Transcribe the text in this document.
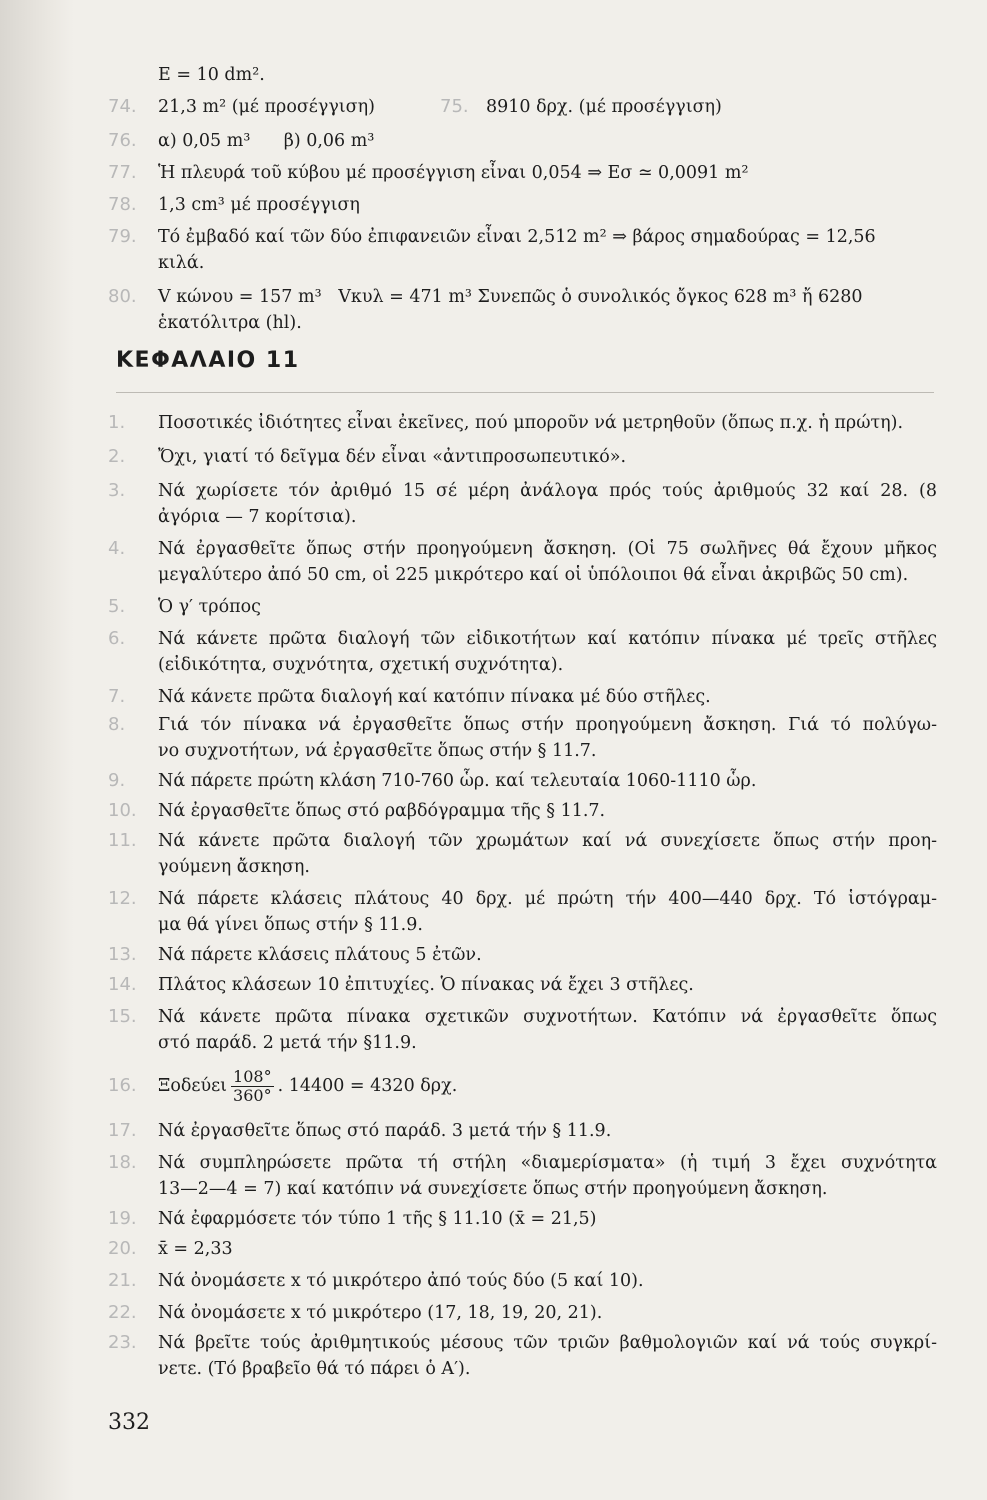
E = 10 dm².
74.	21,3 m² (μέ προσέγγιση)	75. 8910 δρχ. (μέ προσέγγιση)
76.	α) 0,05 m³      β) 0,06 m³
77.	Ἡ πλευρά τοῦ κύβου μέ προσέγγιση εἶναι 0,054 ⇒ Eσ ≃ 0,0091 m²
78.	1,3 cm³ μέ προσέγγιση
79.	Τό ἐμβαδό καί τῶν δύο ἐπιφανειῶν εἶναι 2,512 m² ⇒ βάρος σημαδούρας = 12,56
κιλά.
80.	V κώνου = 157 m³   Vκυλ = 471 m³ Συνεπῶς ὁ συνολικός ὄγκος 628 m³ ἤ 6280
ἑκατόλιτρα (hl).
ΚΕΦΑΛΑΙΟ 11
1.	Ποσοτικές ἰδιότητες εἶναι ἐκεῖνες, πού μποροῦν νά μετρηθοῦν (ὅπως π.χ. ἡ πρώτη).
2.	Ὄχι, γιατί τό δεῖγμα δέν εἶναι «ἀντιπροσωπευτικό».
3.	Νά χωρίσετε τόν ἀριθμό 15 σέ μέρη ἀνάλογα πρός τούς ἀριθμούς 32 καί 28. (8
ἀγόρια — 7 κορίτσια).
4.	Νά ἐργασθεῖτε ὅπως στήν προηγούμενη ἄσκηση. (Οἱ 75 σωλῆνες θά ἔχουν μῆκος
μεγαλύτερο ἀπό 50 cm, οἱ 225 μικρότερο καί οἱ ὑπόλοιποι θά εἶναι ἀκριβῶς 50 cm).
5.	Ὁ γ′ τρόπος
6.	Νά κάνετε πρῶτα διαλογή τῶν εἰδικοτήτων καί κατόπιν πίνακα μέ τρεῖς στῆλες
(εἰδικότητα, συχνότητα, σχετική συχνότητα).
7.	Νά κάνετε πρῶτα διαλογή καί κατόπιν πίνακα μέ δύο στῆλες.
8.	Γιά τόν πίνακα νά ἐργασθεῖτε ὅπως στήν προηγούμενη ἄσκηση. Γιά τό πολύγω-
νο συχνοτήτων, νά ἐργασθεῖτε ὅπως στήν § 11.7.
9.	Νά πάρετε πρώτη κλάση 710-760 ὧρ. καί τελευταία 1060-1110 ὧρ.
10.	Νά ἐργασθεῖτε ὅπως στό ραβδόγραμμα τῆς § 11.7.
11.	Νά κάνετε πρῶτα διαλογή τῶν χρωμάτων καί νά συνεχίσετε ὅπως στήν προη-
γούμενη ἄσκηση.
12.	Νά πάρετε κλάσεις πλάτους 40 δρχ. μέ πρώτη τήν 400—440 δρχ. Τό ἱστόγραμ-
μα θά γίνει ὅπως στήν § 11.9.
13.	Νά πάρετε κλάσεις πλάτους 5 ἐτῶν.
14.	Πλάτος κλάσεων 10 ἐπιτυχίες. Ὁ πίνακας νά ἔχει 3 στῆλες.
15.	Νά κάνετε πρῶτα πίνακα σχετικῶν συχνοτήτων. Κατόπιν νά ἐργασθεῖτε ὅπως
στό παράδ. 2 μετά τήν §11.9.
16.	Ξοδεύει $\frac{108^\circ}{360^\circ}$ . 14400 = 4320 δρχ.
17.	Νά ἐργασθεῖτε ὅπως στό παράδ. 3 μετά τήν § 11.9.
18.	Νά συμπληρώσετε πρῶτα τή στήλη «διαμερίσματα» (ἡ τιμή 3 ἔχει συχνότητα
13—2—4 = 7) καί κατόπιν νά συνεχίσετε ὅπως στήν προηγούμενη ἄσκηση.
19.	Νά ἐφαρμόσετε τόν τύπο 1 τῆς § 11.10 (x̄ = 21,5)
20.	x̄ = 2,33
21.	Νά ὀνομάσετε x τό μικρότερο ἀπό τούς δύο (5 καί 10).
22.	Νά ὀνομάσετε x τό μικρότερο (17, 18, 19, 20, 21).
23.	Νά βρεῖτε τούς ἀριθμητικούς μέσους τῶν τριῶν βαθμολογιῶν καί νά τούς συγκρί-
νετε. (Τό βραβεῖο θά τό πάρει ὁ Α′).
332
